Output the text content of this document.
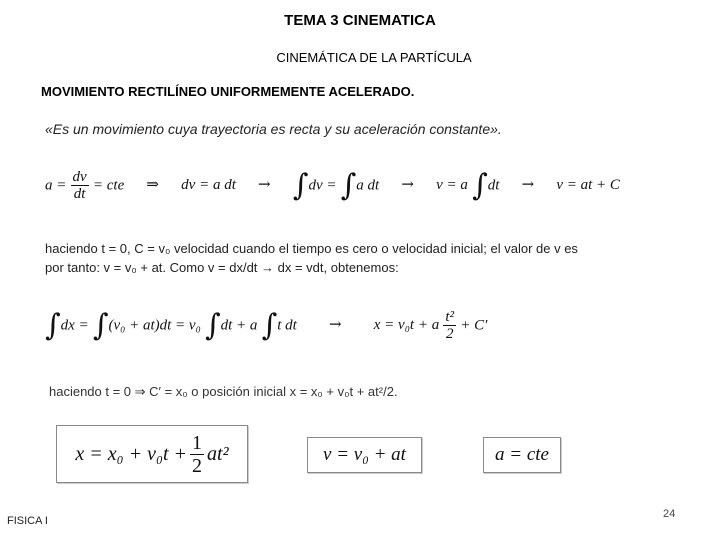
TEMA 3 CINEMATICA
CINEMÁTICA DE LA PARTÍCULA
MOVIMIENTO RECTILÍNEO UNIFORMEMENTE ACELERADO.
«Es un movimiento cuya trayectoria es recta y su aceleración constante».
$a = \frac{dv}{dt}$ = cte ⇒ dv = a dt → ∫dv = ∫a dt → v = a ∫dt → v = at + C
haciendo t = 0, C = v₀ velocidad cuando el tiempo es cero o velocidad inicial; el valor de v es
por tanto: v = v₀ + at. Como v = dx/dt → dx = vdt, obtenemos:
∫dx = ∫(v₀ + at)dt = v₀ ∫dt + a ∫t dt → x = v₀t + a $\frac{\text{t²}}{2} + C'$
haciendo t = 0 ⇒ C′ = x₀ o posición inicial x = x₀ + v₀t + at²/2.
$x = x_0 + v_0t + \frac{1}{2} at^2$	v = v₀ + at	a = cte
FISICA I
24
